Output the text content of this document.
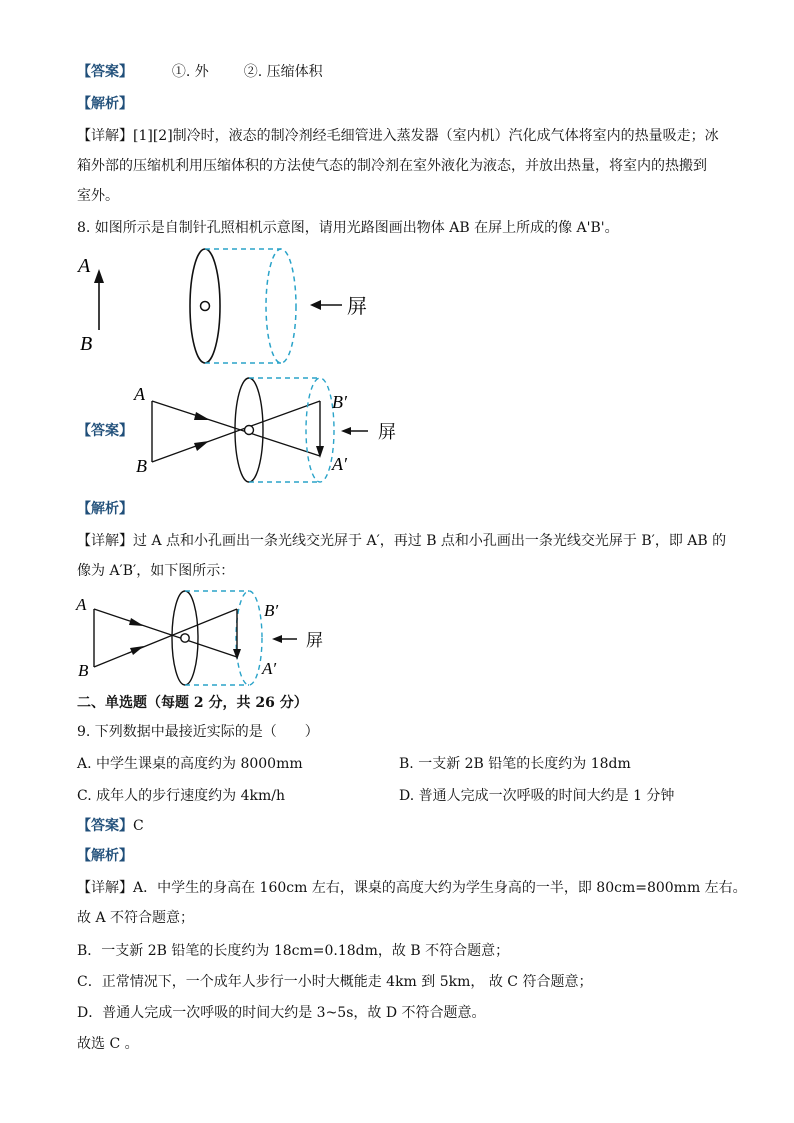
【答案】	①. 外 ②. 压缩体积
【解析】
【详解】[1][2]制冷时，液态的制冷剂经毛细管进入蒸发器（室内机）汽化成气体将室内的热量吸走；冰
箱外部的压缩机利用压缩体积的方法使气态的制冷剂在室外液化为液态，并放出热量，将室内的热搬到
室外。
8. 如图所示是自制针孔照相机示意图，请用光路图画出物体 AB 在屏上所成的像 A'B'。
A
B
屏
【答案】
A
B
B′
A′
屏
【解析】
【详解】过 A 点和小孔画出一条光线交光屏于 A′，再过 B 点和小孔画出一条光线交光屏于 B′，即 AB 的
像为 A′B′，如下图所示：
A
B
B′
A′
屏
二、单选题（每题 2 分，共 26 分）
9. 下列数据中最接近实际的是（　　）
A. 中学生课桌的高度约为 8000mm	B. 一支新 2B 铅笔的长度约为 18dm
C. 成年人的步行速度约为 4km/h	D. 普通人完成一次呼吸的时间大约是 1 分钟
【答案】C
【解析】
【详解】A．中学生的身高在 160cm 左右，课桌的高度大约为学生身高的一半，即 80cm=800mm 左右。
故 A 不符合题意；
B．一支新 2B 铅笔的长度约为 18cm=0.18dm，故 B 不符合题意；
C．正常情况下，一个成年人步行一小时大概能走 4km 到 5km， 故 C 符合题意；
D．普通人完成一次呼吸的时间大约是 3~5s，故 D 不符合题意。
故选 C 。
